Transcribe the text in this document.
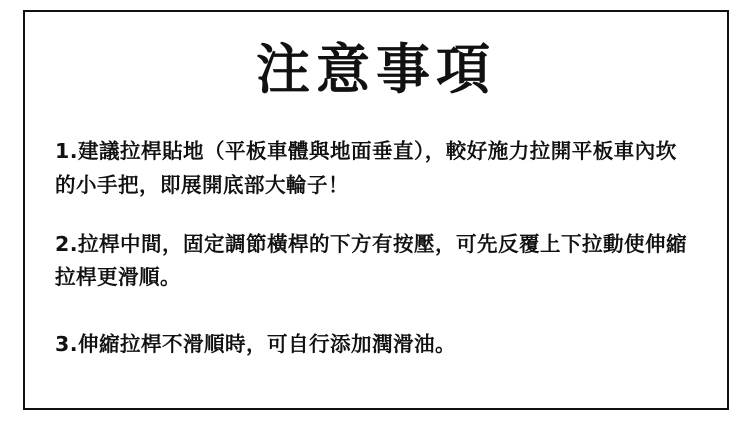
注意事項

1.建議拉桿貼地（平板車體與地面垂直），較好施力拉開平板車內坎的小手把，即展開底部大輪子！

2.拉桿中間，固定調節橫桿的下方有按壓，可先反覆上下拉動使伸縮拉桿更滑順。

3.伸縮拉桿不滑順時，可自行添加潤滑油。
